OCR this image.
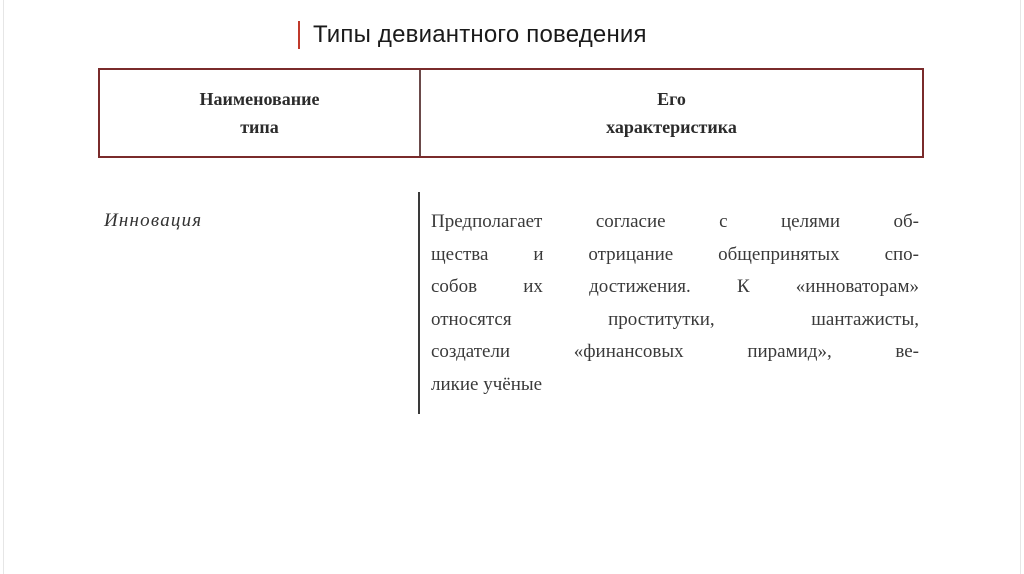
Типы девиантного поведения
Наименование
типа
Его
характеристика
Инновация	Предполагает согласие с целями об-
щества и отрицание общепринятых спо-
собов их достижения. К «инноваторам»
относятся проститутки, шантажисты,
создатели «финансовых пирамид», ве-
ликие учёные
